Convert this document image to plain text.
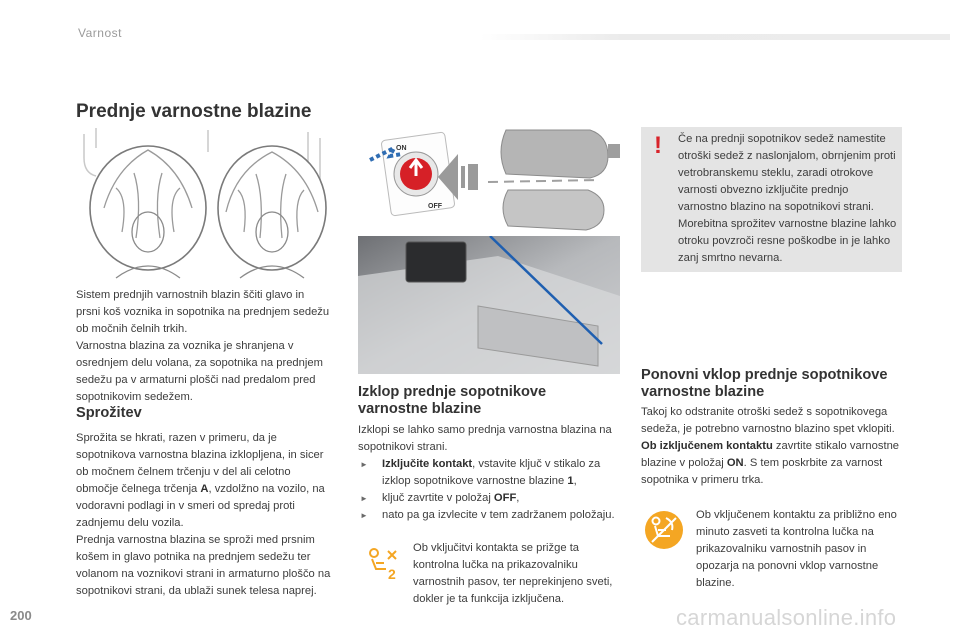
Varnost
Prednje varnostne blazine

Sistem prednjih varnostnih blazin ščiti glavo in prsni koš voznika in sopotnika na prednjem sedežu ob močnih čelnih trkih.

Varnostna blazina za voznika je shranjena v osrednjem delu volana, za sopotnika na prednjem sedežu pa v armaturni plošči nad predalom pred sopotnikovim sedežem.

Sprožitev

Sprožita se hkrati, razen v primeru, da je sopotnikova varnostna blazina izklopljena, in sicer ob močnem čelnem trčenju v del ali celotno območje čelnega trčenja A, vzdolžno na vozilo, na vodoravni podlagi in v smeri od spredaj proti zadnjemu delu vozila.

Prednja varnostna blazina se sproži med prsnim košem in glavo potnika na prednjem sedežu ter volanom na voznikovi strani in armaturno ploščo na sopotnikovi strani, da ublaži sunek telesa naprej.

ON
OFF
Izklop prednje sopotnikove varnostne blazine

Izklopi se lahko samo prednja varnostna blazina na sopotnikovi strani.

► Izključite kontakt, vstavite ključ v stikalo za izklop sopotnikove varnostne blazine 1,
► ključ zavrtite v položaj OFF,
► nato pa ga izvlecite v tem zadržanem položaju.
2
Ob vključitvi kontakta se prižge ta kontrolna lučka na prikazovalniku varnostnih pasov, ter neprekinjeno sveti, dokler je ta funkcija izključena.
! Če na prednji sopotnikov sedež namestite otroški sedež z naslonjalom, obrnjenim proti vetrobranskemu steklu, zaradi otrokove varnosti obvezno izključite prednjo varnostno blazino na sopotnikovi strani.

Morebitna sprožitev varnostne blazine lahko otroku povzroči resne poškodbe in je lahko zanj smrtno nevarna.

Ponovni vklop prednje sopotnikove varnostne blazine

Takoj ko odstranite otroški sedež s sopotnikovega sedeža, je potrebno varnostno blazino spet vklopiti. Ob izključenem kontaktu zavrtite stikalo varnostne blazine v položaj ON. S tem poskrbite za varnost sopotnika v primeru trka.

Ob vključenem kontaktu za približno eno minuto zasveti ta kontrolna lučka na prikazovalniku varnostnih pasov in opozarja na ponovni vklop varnostne blazine.
200	carmanualsonline.info
